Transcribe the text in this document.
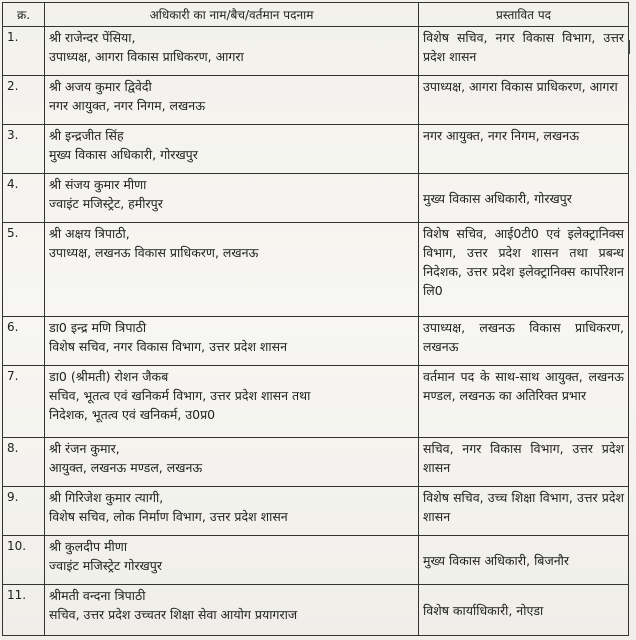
क्र.	अधिकारी का नाम/बैच/वर्तमान पदनाम	प्रस्तावित पद
1.	श्री राजेन्दर पेंसिया,
उपाध्यक्ष, आगरा विकास प्राधिकरण, आगरा	विशेष सचिव, नगर विकास विभाग, उत्तर प्रदेश शासन

2.	श्री अजय कुमार द्विवेदी
नगर आयुक्त, नगर निगम, लखनऊ	उपाध्यक्ष, आगरा विकास प्राधिकरण, आगरा

3.	श्री इन्द्रजीत सिंह
मुख्य विकास अधिकारी, गोरखपुर	नगर आयुक्त, नगर निगम, लखनऊ

4.	श्री संजय कुमार मीणा
ज्वाइंट मजिस्ट्रेट, हमीरपुर	मुख्य विकास अधिकारी, गोरखपुर

5.	श्री अक्षय त्रिपाठी,
उपाध्यक्ष, लखनऊ विकास प्राधिकरण, लखनऊ	विशेष सचिव, आई0टी0 एवं इलेक्ट्रानिक्स विभाग, उत्तर प्रदेश शासन तथा प्रबन्ध निदेशक, उत्तर प्रदेश इलेक्ट्रानिक्स कार्पोरेशन लि0

6.	डा0 इन्द्र मणि त्रिपाठी
विशेष सचिव, नगर विकास विभाग, उत्तर प्रदेश शासन	उपाध्यक्ष, लखनऊ विकास प्राधिकरण, लखनऊ

7.	डा0 (श्रीमती) रोशन जैकब
सचिव, भूतत्व एवं खनिकर्म विभाग, उत्तर प्रदेश शासन तथा
निदेशक, भूतत्व एवं खनिकर्म, उ0प्र0	वर्तमान पद के साथ-साथ आयुक्त, लखनऊ मण्डल, लखनऊ का अतिरिक्त प्रभार

8.	श्री रंजन कुमार,
आयुक्त, लखनऊ मण्डल, लखनऊ	सचिव, नगर विकास विभाग, उत्तर प्रदेश शासन

9.	श्री गिरिजेश कुमार त्यागी,
विशेष सचिव, लोक निर्माण विभाग, उत्तर प्रदेश शासन	विशेष सचिव, उच्च शिक्षा विभाग, उत्तर प्रदेश शासन

10.	श्री कुलदीप मीणा
ज्वाइंट मजिस्ट्रेट गोरखपुर	मुख्य विकास अधिकारी, बिजनौर

11.	श्रीमती वन्दना त्रिपाठी
सचिव, उत्तर प्रदेश उच्चतर शिक्षा सेवा आयोग प्रयागराज	विशेष कार्याधिकारी, नोएडा
